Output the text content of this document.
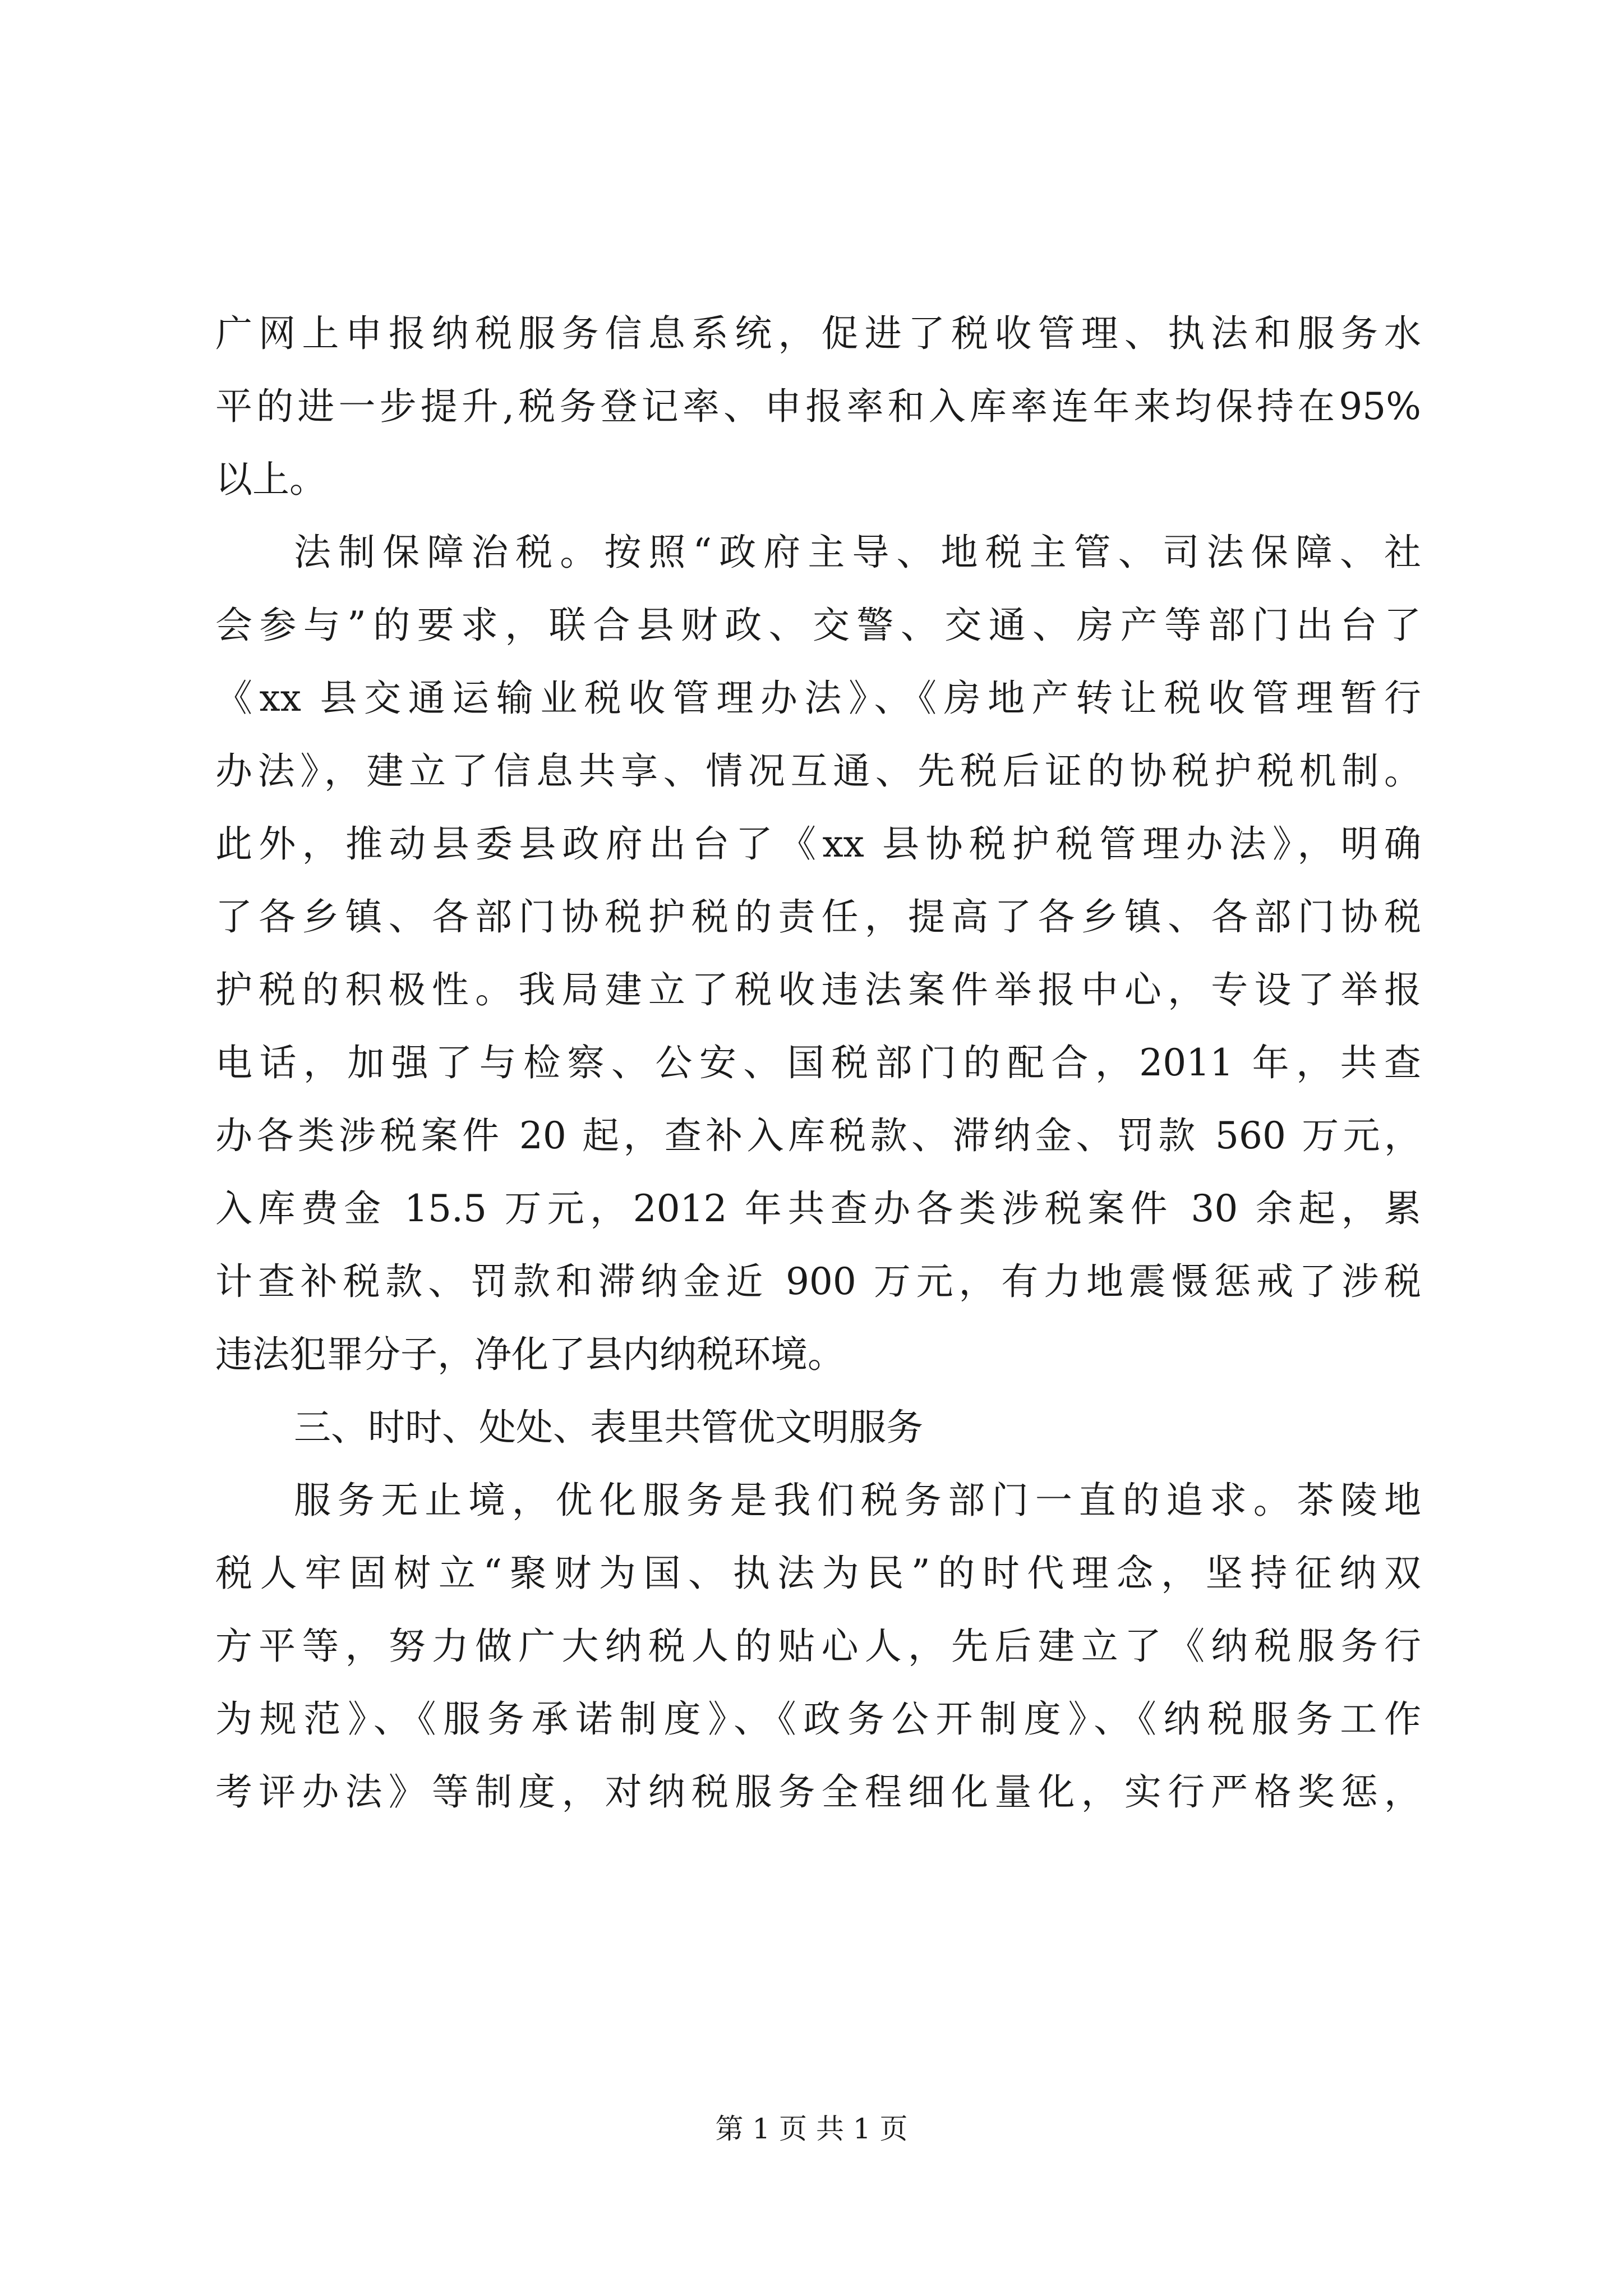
广网上申报纳税服务信息系统，促进了税收管理、执法和服务水
平的进一步提升,税务登记率、申报率和入库率连年来均保持在95%
以上。
法制保障治税。按照“政府主导、地税主管、司法保障、社
会参与”的要求，联合县财政、交警、交通、房产等部门出台了
《xx 县交通运输业税收管理办法》、《房地产转让税收管理暂行
办法》，建立了信息共享、情况互通、先税后证的协税护税机制。
此外，推动县委县政府出台了《xx 县协税护税管理办法》，明确
了各乡镇、各部门协税护税的责任，提高了各乡镇、各部门协税
护税的积极性。我局建立了税收违法案件举报中心，专设了举报
电话，加强了与检察、公安、国税部门的配合，2011 年，共查
办各类涉税案件 20 起，查补入库税款、滞纳金、罚款 560 万元，
入库费金 15.5 万元，2012 年共查办各类涉税案件 30 余起，累
计查补税款、罚款和滞纳金近 900 万元，有力地震慑惩戒了涉税
违法犯罪分子，净化了县内纳税环境。
三、时时、处处、表里共管优文明服务
服务无止境，优化服务是我们税务部门一直的追求。茶陵地
税人牢固树立“聚财为国、执法为民”的时代理念，坚持征纳双
方平等，努力做广大纳税人的贴心人，先后建立了《纳税服务行
为规范》、《服务承诺制度》、《政务公开制度》、《纳税服务工作
考评办法》等制度，对纳税服务全程细化量化，实行严格奖惩，
第 1 页 共 1 页
